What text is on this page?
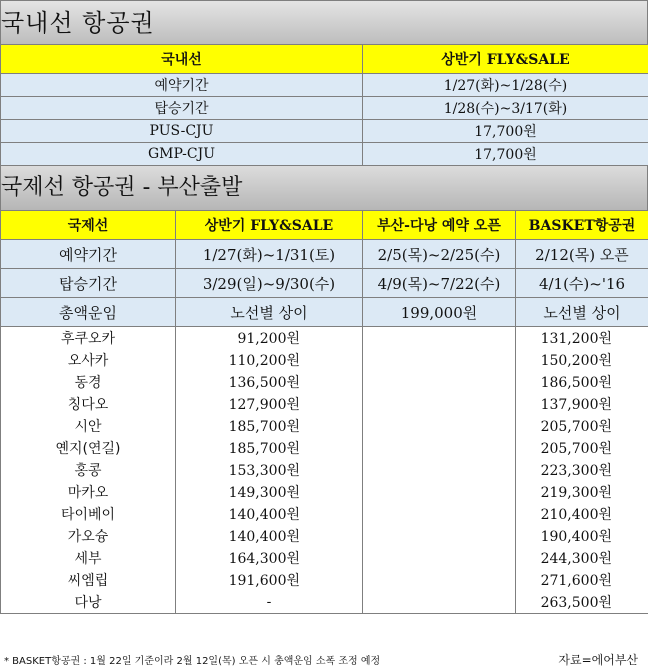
국내선 항공권
국내선	상반기 FLY&SALE
예약기간	1/27(화)~1/28(수)
탑승기간	1/28(수)~3/17(화)
PUS-CJU	17,700원
GMP-CJU	17,700원
국제선 항공권 - 부산출발
국제선	상반기 FLY&SALE	부산-다낭 예약 오픈	BASKET항공권
예약기간	1/27(화)~1/31(토)	2/5(목)~2/25(수)	2/12(목) 오픈
탑승기간	3/29(일)~9/30(수)	4/9(목)~7/22(수)	4/1(수)~'16
총액운임	노선별 상이	199,000원	노선별 상이
후쿠오카	91,200원		131,200원
오사카	110,200원		150,200원
동경	136,500원		186,500원
칭다오	127,900원		137,900원
시안	185,700원		205,700원
옌지(연길)	185,700원		205,700원
홍콩	153,300원		223,300원
마카오	149,300원		219,300원
타이베이	140,400원		210,400원
가오슝	140,400원		190,400원
세부	164,300원		244,300원
씨엠립	191,600원		271,600원
다낭	-		263,500원
* BASKET항공권 : 1월 22일 기준이라 2월 12일(목) 오픈 시 총액운임 소폭 조정 예정	자료=에어부산
